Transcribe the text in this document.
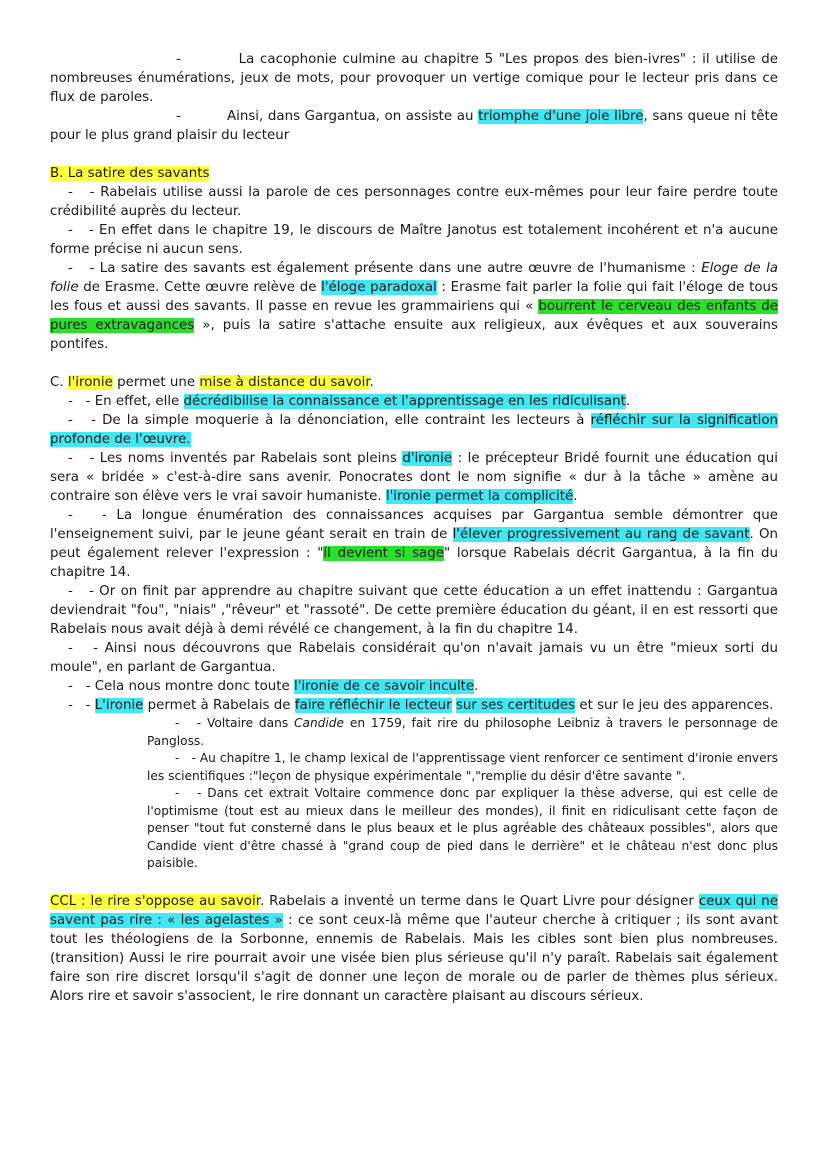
-	La cacophonie culmine au chapitre 5 "Les propos des bien-ivres" : il utilise de nombreuses énumérations, jeux de mots, pour provoquer un vertige comique pour le lecteur pris dans ce flux de paroles.

-	Ainsi, dans Gargantua, on assiste au triomphe d'une joie libre, sans queue ni tête pour le plus grand plaisir du lecteur

B. La satire des savants

-   - Rabelais utilise aussi la parole de ces personnages contre eux-mêmes pour leur faire perdre toute crédibilité auprès du lecteur.

-   - En effet dans le chapitre 19, le discours de Maître Janotus est totalement incohérent et n'a aucune forme précise ni aucun sens.

-   - La satire des savants est également présente dans une autre œuvre de l'humanisme : Eloge de la folie de Erasme. Cette œuvre relève de l'éloge paradoxal : Erasme fait parler la folie qui fait l'éloge de tous les fous et aussi des savants. Il passe en revue les grammairiens qui « bourrent le cerveau des enfants de pures extravagances », puis la satire s'attache ensuite aux religieux, aux évêques et aux souverains pontifes.

C. l'ironie permet une mise à distance du savoir.

-   - En effet, elle décrédibilise la connaissance et l'apprentissage en les ridiculisant.

-   - De la simple moquerie à la dénonciation, elle contraint les lecteurs à réfléchir sur la signification profonde de l'œuvre.

-   - Les noms inventés par Rabelais sont pleins d'ironie : le précepteur Bridé fournit une éducation qui sera « bridée » c'est-à-dire sans avenir. Ponocrates dont le nom signifie « dur à la tâche » amène au contraire son élève vers le vrai savoir humaniste. l'ironie permet la complicité.

-   - La longue énumération des connaissances acquises par Gargantua semble démontrer que l'enseignement suivi, par le jeune géant serait en train de l'élever progressivement au rang de savant. On peut également relever l'expression : "il devient si sage" lorsque Rabelais décrit Gargantua, à la fin du chapitre 14.

-   - Or on finit par apprendre au chapitre suivant que cette éducation a un effet inattendu : Gargantua deviendrait "fou", "niais" ,"rêveur" et "rassoté". De cette première éducation du géant, il en est ressorti que Rabelais nous avait déjà à demi révélé ce changement, à la fin du chapitre 14.

-   - Ainsi nous découvrons que Rabelais considérait qu'on n'avait jamais vu un être "mieux sorti du moule", en parlant de Gargantua.

-   - Cela nous montre donc toute l'ironie de ce savoir inculte.

-   - L'ironie permet à Rabelais de faire réfléchir le lecteur sur ses certitudes et sur le jeu des apparences.

-   - Voltaire dans Candide en 1759, fait rire du philosophe Leibniz à travers le personnage de Pangloss.

-   - Au chapitre 1, le champ lexical de l'apprentissage vient renforcer ce sentiment d'ironie envers les scientifiques :"leçon de physique expérimentale ","remplie du désir d'être savante ".

-   - Dans cet extrait Voltaire commence donc par expliquer la thèse adverse, qui est celle de l'optimisme (tout est au mieux dans le meilleur des mondes), il finit en ridiculisant cette façon de penser "tout fut consterné dans le plus beaux et le plus agréable des châteaux possibles", alors que Candide vient d'être chassé à "grand coup de pied dans le derrière" et le château n'est donc plus paisible.

CCL : le rire s'oppose au savoir. Rabelais a inventé un terme dans le Quart Livre pour désigner ceux qui ne savent pas rire : « les agelastes » : ce sont ceux-là même que l'auteur cherche à critiquer ; ils sont avant tout les théologiens de la Sorbonne, ennemis de Rabelais. Mais les cibles sont bien plus nombreuses. (transition) Aussi le rire pourrait avoir une visée bien plus sérieuse qu'il n'y paraît. Rabelais sait également faire son rire discret lorsqu'il s'agit de donner une leçon de morale ou de parler de thèmes plus sérieux. Alors rire et savoir s'associent, le rire donnant un caractère plaisant au discours sérieux.
